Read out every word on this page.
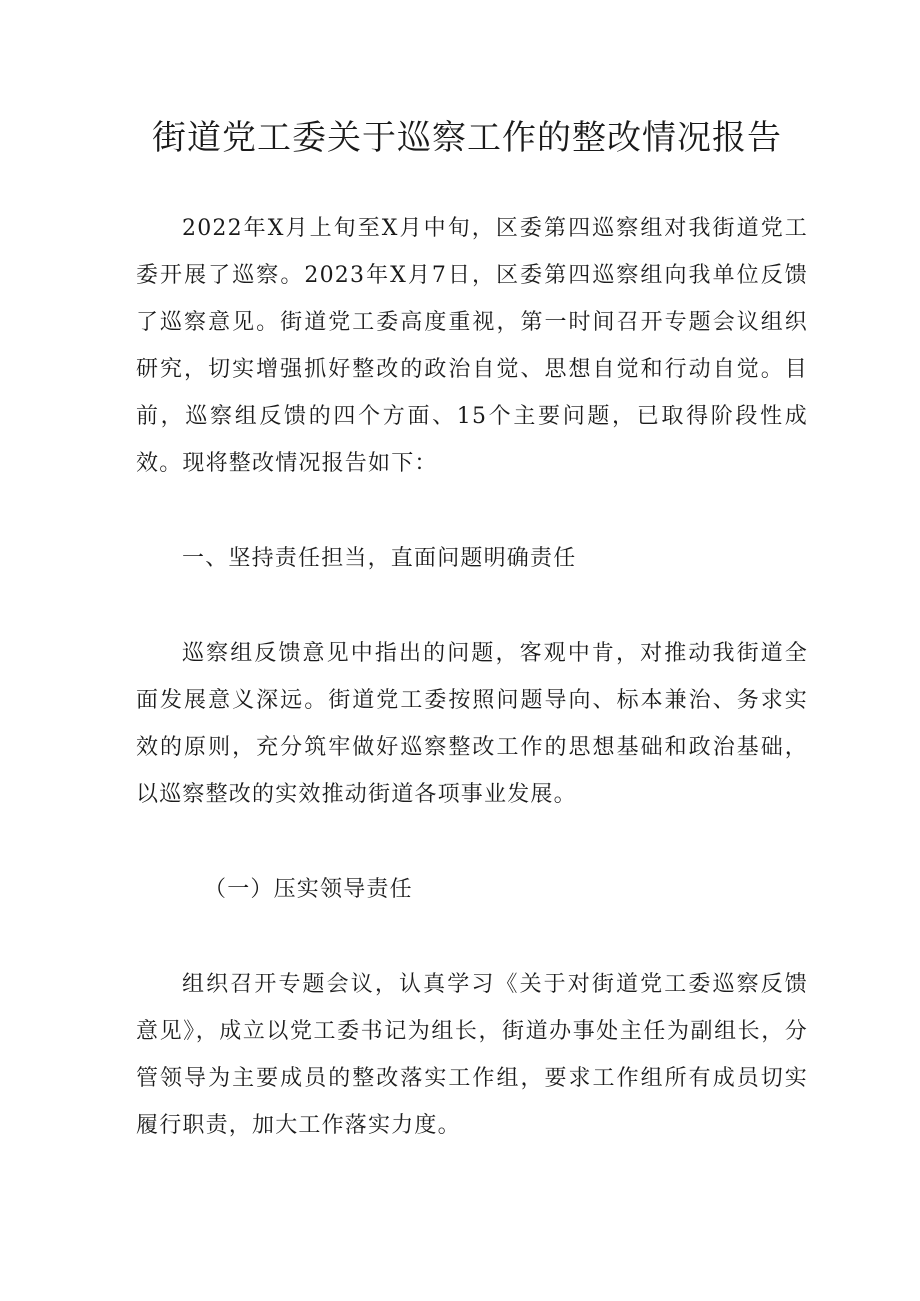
街道党工委关于巡察工作的整改情况报告

2022年X月上旬至X月中旬，区委第四巡察组对我街道党工委开展了巡察。2023年X月7日，区委第四巡察组向我单位反馈了巡察意见。街道党工委高度重视，第一时间召开专题会议组织研究，切实增强抓好整改的政治自觉、思想自觉和行动自觉。目前，巡察组反馈的四个方面、15个主要问题，已取得阶段性成效。现将整改情况报告如下：

一、坚持责任担当，直面问题明确责任

巡察组反馈意见中指出的问题，客观中肯，对推动我街道全面发展意义深远。街道党工委按照问题导向、标本兼治、务求实效的原则，充分筑牢做好巡察整改工作的思想基础和政治基础，以巡察整改的实效推动街道各项事业发展。

（一）压实领导责任

组织召开专题会议，认真学习《关于对街道党工委巡察反馈意见》，成立以党工委书记为组长，街道办事处主任为副组长，分管领导为主要成员的整改落实工作组，要求工作组所有成员切实履行职责，加大工作落实力度。
